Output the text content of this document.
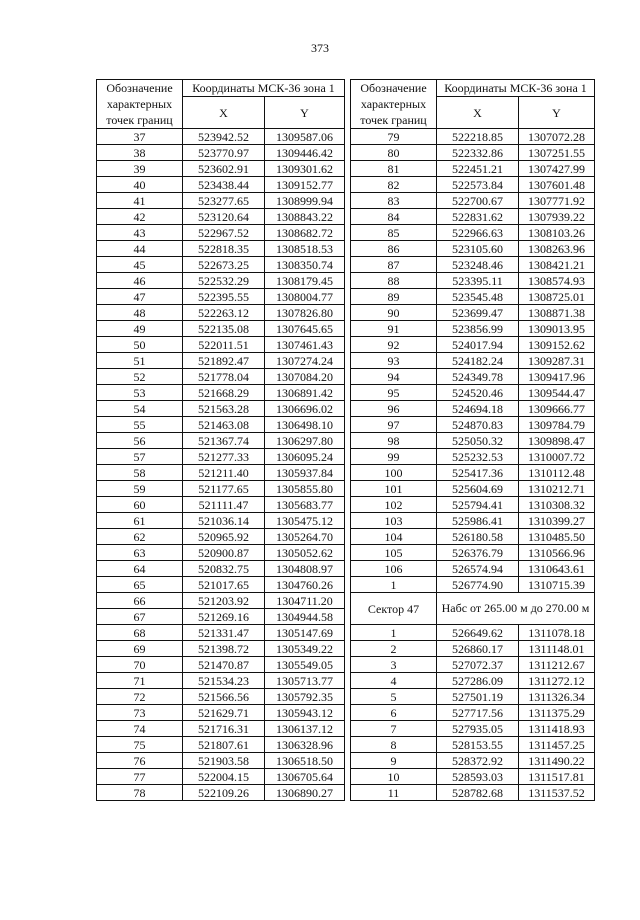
373
Обозначение характерных точек границ	Координаты МСК-36 зона 1			Обозначение характерных точек границ	Координаты МСК-36 зона 1	
	X	Y			X	Y
37	523942.52	1309587.06		79	522218.85	1307072.28
38	523770.97	1309446.42		80	522332.86	1307251.55
39	523602.91	1309301.62		81	522451.21	1307427.99
40	523438.44	1309152.77		82	522573.84	1307601.48
41	523277.65	1308999.94		83	522700.67	1307771.92
42	523120.64	1308843.22		84	522831.62	1307939.22
43	522967.52	1308682.72		85	522966.63	1308103.26
44	522818.35	1308518.53		86	523105.60	1308263.96
45	522673.25	1308350.74		87	523248.46	1308421.21
46	522532.29	1308179.45		88	523395.11	1308574.93
47	522395.55	1308004.77		89	523545.48	1308725.01
48	522263.12	1307826.80		90	523699.47	1308871.38
49	522135.08	1307645.65		91	523856.99	1309013.95
50	522011.51	1307461.43		92	524017.94	1309152.62
51	521892.47	1307274.24		93	524182.24	1309287.31
52	521778.04	1307084.20		94	524349.78	1309417.96
53	521668.29	1306891.42		95	524520.46	1309544.47
54	521563.28	1306696.02		96	524694.18	1309666.77
55	521463.08	1306498.10		97	524870.83	1309784.79
56	521367.74	1306297.80		98	525050.32	1309898.47
57	521277.33	1306095.24		99	525232.53	1310007.72
58	521211.40	1305937.84		100	525417.36	1310112.48
59	521177.65	1305855.80		101	525604.69	1310212.71
60	521111.47	1305683.77		102	525794.41	1310308.32
61	521036.14	1305475.12		103	525986.41	1310399.27
62	520965.92	1305264.70		104	526180.58	1310485.50
63	520900.87	1305052.62		105	526376.79	1310566.96
64	520832.75	1304808.97		106	526574.94	1310643.61
65	521017.65	1304760.26		1	526774.90	1310715.39
66	521203.92	1304711.20		Сектор 47	Набс от 265.00 м до 270.00 м	
67	521269.16	1304944.58				
68	521331.47	1305147.69		1	526649.62	1311078.18
69	521398.72	1305349.22		2	526860.17	1311148.01
70	521470.87	1305549.05		3	527072.37	1311212.67
71	521534.23	1305713.77		4	527286.09	1311272.12
72	521566.56	1305792.35		5	527501.19	1311326.34
73	521629.71	1305943.12		6	527717.56	1311375.29
74	521716.31	1306137.12		7	527935.05	1311418.93
75	521807.61	1306328.96		8	528153.55	1311457.25
76	521903.58	1306518.50		9	528372.92	1311490.22
77	522004.15	1306705.64		10	528593.03	1311517.81
78	522109.26	1306890.27		11	528782.68	1311537.52
